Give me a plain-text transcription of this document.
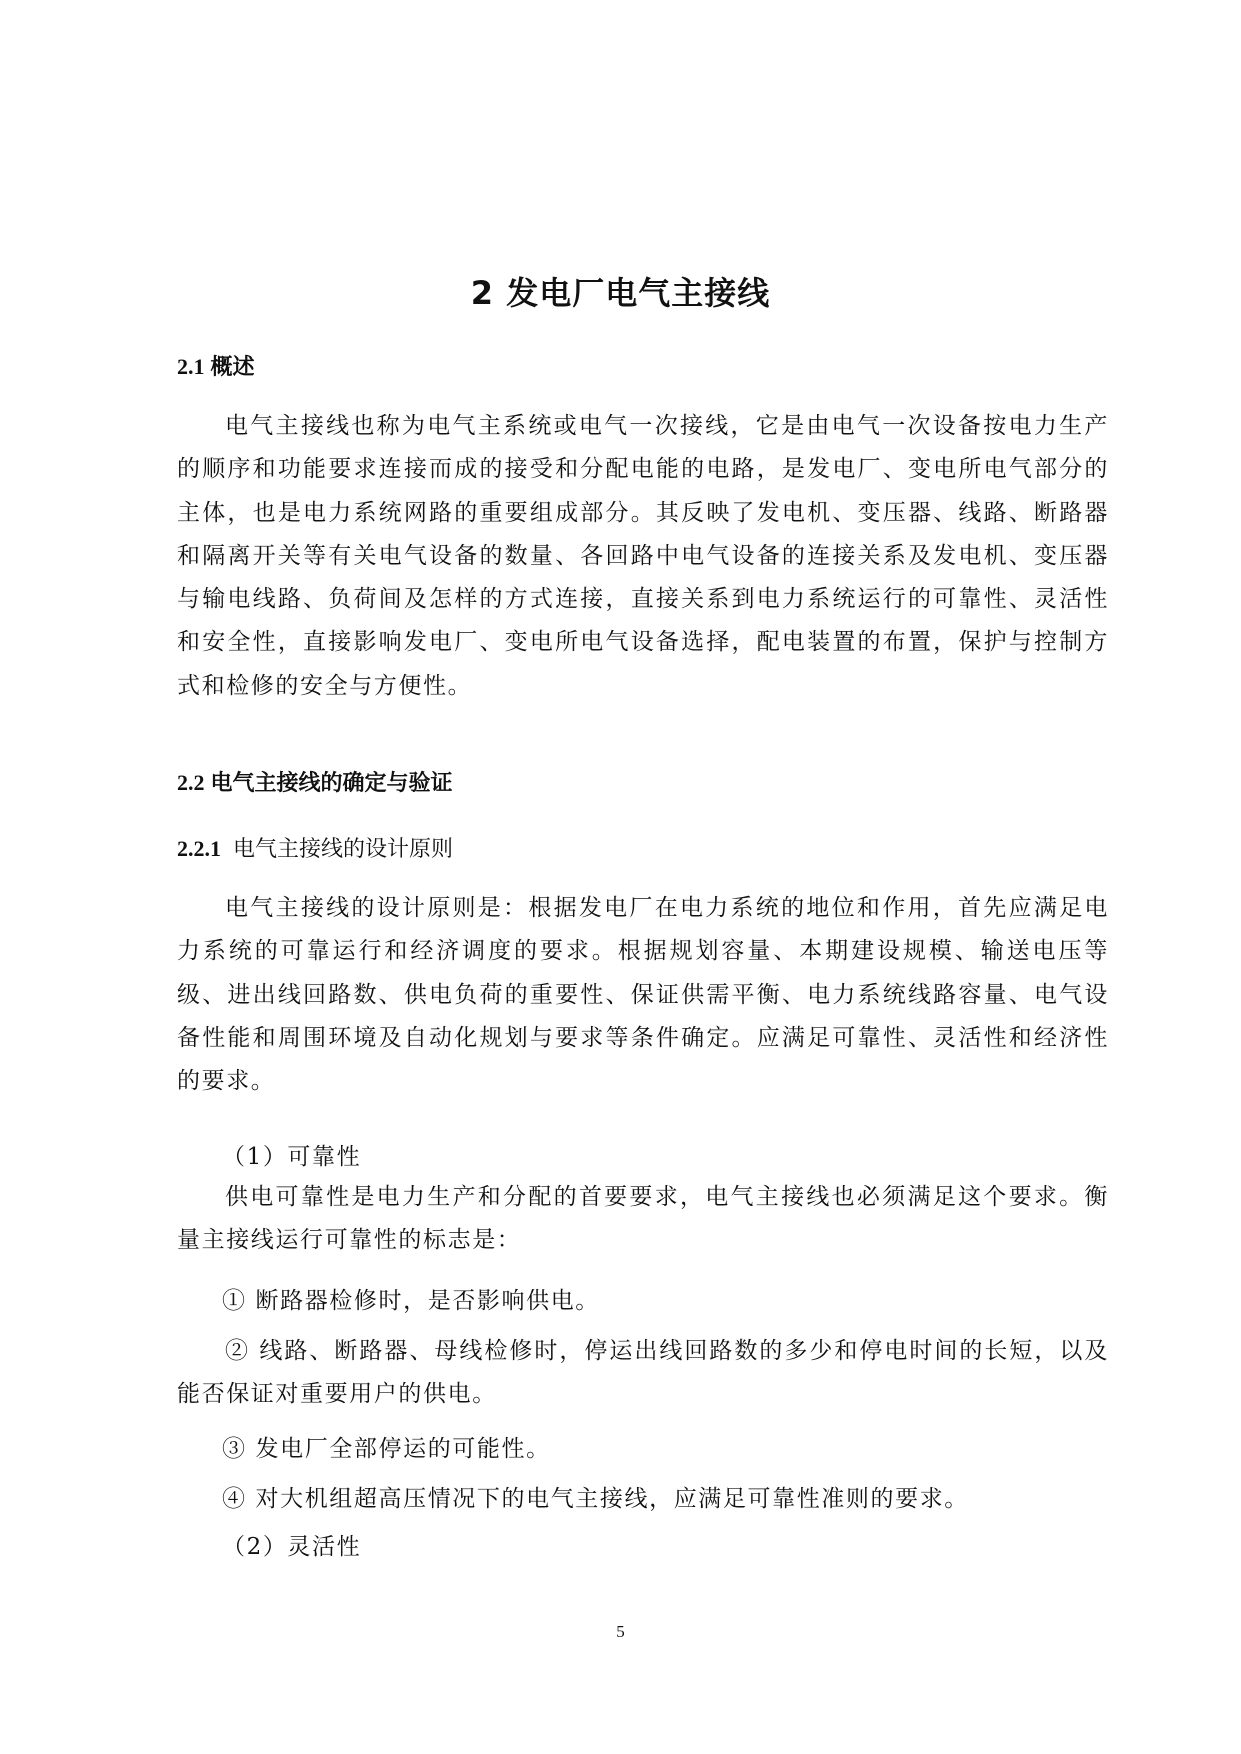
2 发电厂电气主接线
2.1 概述

电气主接线也称为电气主系统或电气一次接线，它是由电气一次设备按电力生产的顺序和功能要求连接而成的接受和分配电能的电路，是发电厂、变电所电气部分的主体，也是电力系统网路的重要组成部分。其反映了发电机、变压器、线路、断路器和隔离开关等有关电气设备的数量、各回路中电气设备的连接关系及发电机、变压器与输电线路、负荷间及怎样的方式连接，直接关系到电力系统运行的可靠性、灵活性和安全性，直接影响发电厂、变电所电气设备选择，配电装置的布置，保护与控制方式和检修的安全与方便性。

2.2 电气主接线的确定与验证
2.2.1 电气主接线的设计原则

电气主接线的设计原则是：根据发电厂在电力系统的地位和作用，首先应满足电力系统的可靠运行和经济调度的要求。根据规划容量、本期建设规模、输送电压等级、进出线回路数、供电负荷的重要性、保证供需平衡、电力系统线路容量、电气设备性能和周围环境及自动化规划与要求等条件确定。应满足可靠性、灵活性和经济性的要求。

（1）可靠性

供电可靠性是电力生产和分配的首要要求，电气主接线也必须满足这个要求。衡量主接线运行可靠性的标志是：

① 断路器检修时，是否影响供电。

② 线路、断路器、母线检修时，停运出线回路数的多少和停电时间的长短，以及能否保证对重要用户的供电。

③ 发电厂全部停运的可能性。
④ 对大机组超高压情况下的电气主接线，应满足可靠性准则的要求。
（2）灵活性
5
